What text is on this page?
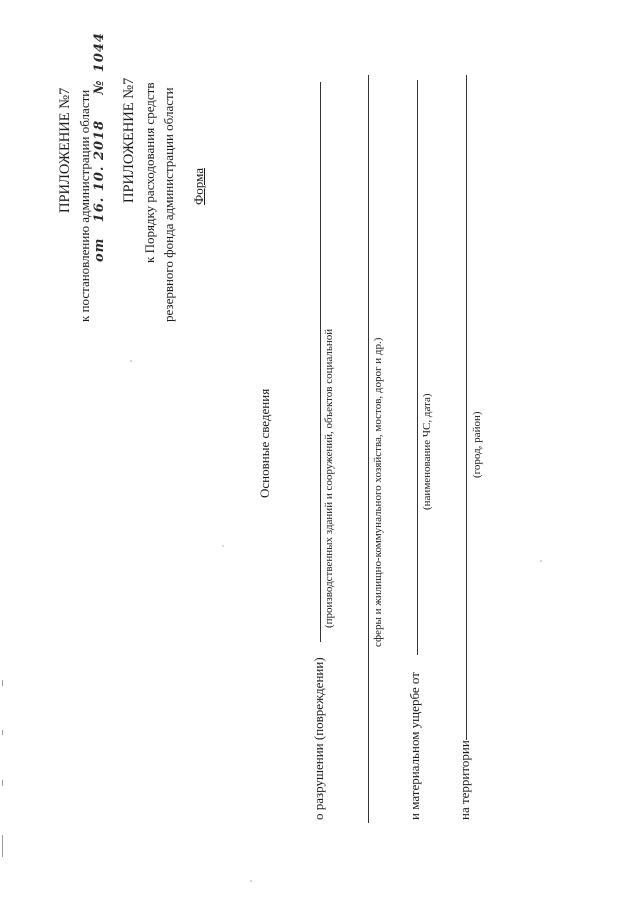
ПРИЛОЖЕНИЕ №7 к постановлению администрации области от 16. 10. 2018 № 1044
ПРИЛОЖЕНИЕ №7 к Порядку расходования средств резервного фонда администрации области Форма
Основные сведения
о разрушении (повреждении)
(производственных зданий и сооружений, объектов социальной	сферы и жилищно-коммунального хозяйства, мостов, дорог и др.)
и материальном ущербе от
(наименование ЧС, дата)
на территории
(город, район)
